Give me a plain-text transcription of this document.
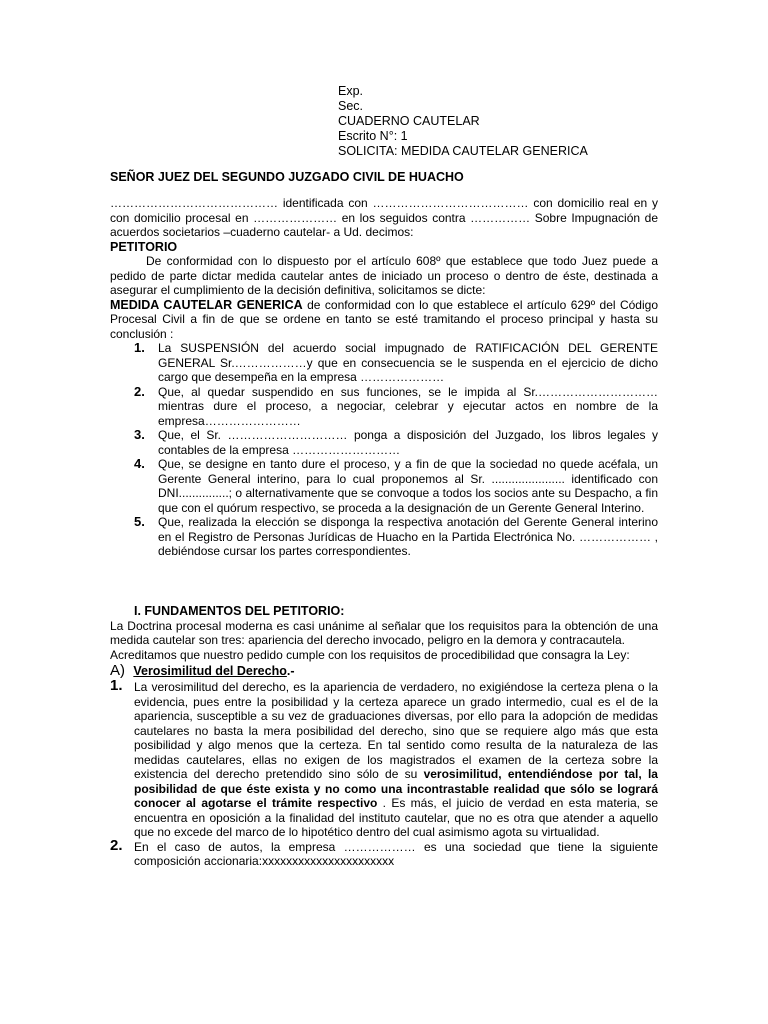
Exp.
Sec.
CUADERNO CAUTELAR
Escrito N°: 1
SOLICITA: MEDIDA CAUTELAR GENERICA
SEÑOR JUEZ DEL SEGUNDO JUZGADO CIVIL DE HUACHO

…………………………………… identificada con ………………………………… con domicilio real en y con domicilio procesal en ………………… en los seguidos contra …………… Sobre Impugnación de acuerdos societarios –cuaderno cautelar- a Ud. decimos:

PETITORIO

De conformidad con lo dispuesto por el artículo 608º que establece que todo Juez puede a pedido de parte dictar medida cautelar antes de iniciado un proceso o dentro de éste, destinada a asegurar el cumplimiento de la decisión definitiva, solicitamos se dicte:

MEDIDA CAUTELAR GENERICA de conformidad con lo que establece el artículo 629º del Código Procesal Civil a fin de que se ordene en tanto se esté tramitando el proceso principal y hasta su conclusión :

1. La SUSPENSIÓN del acuerdo social impugnado de RATIFICACIÓN DEL GERENTE GENERAL Sr.………………y que en consecuencia se le suspenda en el ejercicio de dicho cargo que desempeña en la empresa …………………
2. Que, al quedar suspendido en sus funciones, se le impida al Sr.………………………… mientras dure el proceso, a negociar, celebrar y ejecutar actos en nombre de la empresa……………………
3. Que, el Sr. ………………………… ponga a disposición del Juzgado, los libros legales y contables de la empresa ………………………
4. Que, se designe en tanto dure el proceso, y a fin de que la sociedad no quede acéfala, un Gerente General interino, para lo cual proponemos al Sr. ...................... identificado con DNI...............; o alternativamente que se convoque a todos los socios ante su Despacho, a fin que con el quórum respectivo, se proceda a la designación de un Gerente General Interino.
5. Que, realizada la elección se disponga la respectiva anotación del Gerente General interino en el Registro de Personas Jurídicas de Huacho en la Partida Electrónica No. ……………… , debiéndose cursar los partes correspondientes.

I. FUNDAMENTOS DEL PETITORIO:

La Doctrina procesal moderna es casi unánime al señalar que los requisitos para la obtención de una medida cautelar son tres: apariencia del derecho invocado, peligro en la demora y contracautela.

Acreditamos que nuestro pedido cumple con los requisitos de procedibilidad que consagra la Ley:

A) Verosimilitud del Derecho.-

1. La verosimilitud del derecho, es la apariencia de verdadero, no exigiéndose la certeza plena o la evidencia, pues entre la posibilidad y la certeza aparece un grado intermedio, cual es el de la apariencia, susceptible a su vez de graduaciones diversas, por ello para la adopción de medidas cautelares no basta la mera posibilidad del derecho, sino que se requiere algo más que esta posibilidad y algo menos que la certeza. En tal sentido como resulta de la naturaleza de las medidas cautelares, ellas no exigen de los magistrados el examen de la certeza sobre la existencia del derecho pretendido sino sólo de su verosimilitud, entendiéndose por tal, la posibilidad de que éste exista y no como una incontrastable realidad que sólo se logrará conocer al agotarse el trámite respectivo . Es más, el juicio de verdad en esta materia, se encuentra en oposición a la finalidad del instituto cautelar, que no es otra que atender a aquello que no excede del marco de lo hipotético dentro del cual asimismo agota su virtualidad.
2. En el caso de autos, la empresa ……………… es una sociedad que tiene la siguiente composición accionaria:xxxxxxxxxxxxxxxxxxxxxx
